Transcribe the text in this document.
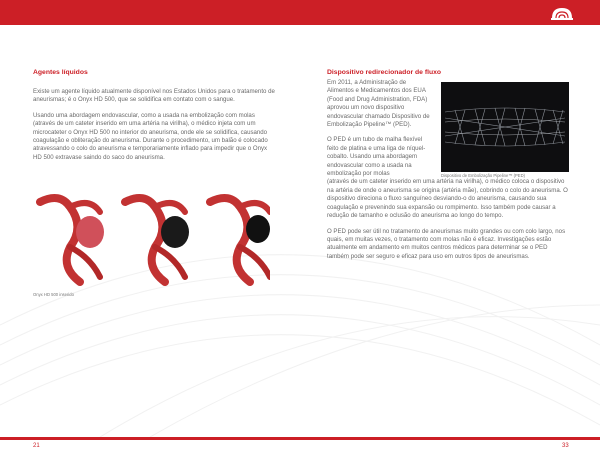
Agentes líquidos

Existe um agente líquido atualmente disponível nos Estados Unidos para o tratamento de aneurismas; é o Onyx HD 500, que se solidifica em contato com o sangue.

Usando uma abordagem endovascular, como a usada na embolização com molas (através de um cateter inserido em uma artéria na virilha), o médico injeta com um microcateter o Onyx HD 500 no interior do aneurisma, onde ele se solidifica, causando coagulação e obliteração do aneurisma. Durante o procedimento, um balão é colocado atravessando o colo do aneurisma e temporariamente inflado para impedir que o Onyx HD 500 extravase saindo do saco do aneurisma.

Onyx HD 500 inserido
Dispositivo redirecionador de fluxo

Em 2011, a Administração de Alimentos e Medicamentos dos EUA (Food and Drug Administration, FDA) aprovou um novo dispositivo endovascular chamado Dispositivo de Embolização Pipeline™ (PED).

O PED é um tubo de malha flexível feito de platina e uma liga de níquel-cobalto. Usando uma abordagem endovascular como a usada na embolização por molas

(através de um cateter inserido em uma artéria na virilha), o médico coloca o dispositivo na artéria de onde o aneurisma se origina (artéria mãe), cobrindo o colo do aneurisma. O dispositivo direciona o fluxo sanguíneo desviando-o do aneurisma, causando sua coagulação e prevenindo sua expansão ou rompimento. Isso também pode causar a redução de tamanho e oclusão do aneurisma ao longo do tempo.

O PED pode ser útil no tratamento de aneurismas muito grandes ou com colo largo, nos quais, em muitas vezes, o tratamento com molas não é eficaz. Investigações estão atualmente em andamento em muitos centros médicos para determinar se o PED também pode ser seguro e eficaz para uso em outros tipos de aneurismas.

Dispositivo de Embolização Pipeline™ (PED)
21	33
